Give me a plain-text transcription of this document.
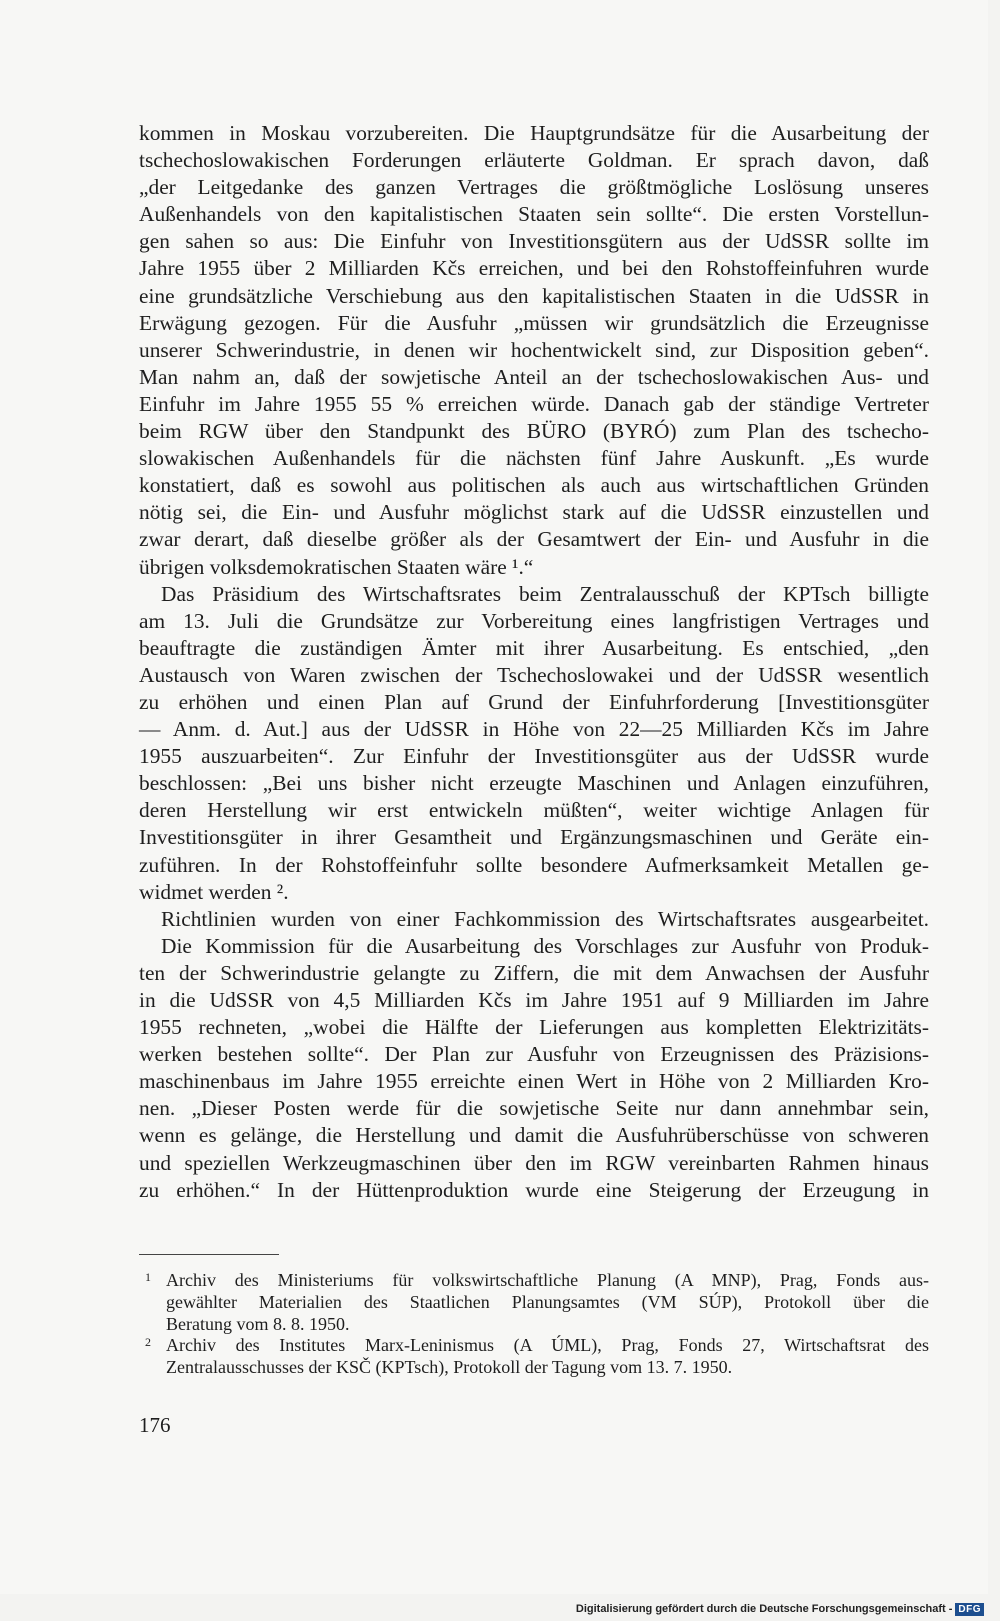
kommen in Moskau vorzubereiten. Die Hauptgrundsätze für die Ausarbeitung der
tschechoslowakischen Forderungen erläuterte Goldman. Er sprach davon, daß
„der Leitgedanke des ganzen Vertrages die größtmögliche Loslösung unseres
Außenhandels von den kapitalistischen Staaten sein sollte“. Die ersten Vorstellun-
gen sahen so aus: Die Einfuhr von Investitionsgütern aus der UdSSR sollte im
Jahre 1955 über 2 Milliarden Kčs erreichen, und bei den Rohstoffeinfuhren wurde
eine grundsätzliche Verschiebung aus den kapitalistischen Staaten in die UdSSR in
Erwägung gezogen. Für die Ausfuhr „müssen wir grundsätzlich die Erzeugnisse
unserer Schwerindustrie, in denen wir hochentwickelt sind, zur Disposition geben“.
Man nahm an, daß der sowjetische Anteil an der tschechoslowakischen Aus- und
Einfuhr im Jahre 1955 55 % erreichen würde. Danach gab der ständige Vertreter
beim RGW über den Standpunkt des BÜRO (BYRÓ) zum Plan des tschecho-
slowakischen Außenhandels für die nächsten fünf Jahre Auskunft. „Es wurde
konstatiert, daß es sowohl aus politischen als auch aus wirtschaftlichen Gründen
nötig sei, die Ein- und Ausfuhr möglichst stark auf die UdSSR einzustellen und
zwar derart, daß dieselbe größer als der Gesamtwert der Ein- und Ausfuhr in die
übrigen volksdemokratischen Staaten wäre ¹.“
Das Präsidium des Wirtschaftsrates beim Zentralausschuß der KPTsch billigte
am 13. Juli die Grundsätze zur Vorbereitung eines langfristigen Vertrages und
beauftragte die zuständigen Ämter mit ihrer Ausarbeitung. Es entschied, „den
Austausch von Waren zwischen der Tschechoslowakei und der UdSSR wesentlich
zu erhöhen und einen Plan auf Grund der Einfuhrforderung [Investitionsgüter
— Anm. d. Aut.] aus der UdSSR in Höhe von 22—25 Milliarden Kčs im Jahre
1955 auszuarbeiten“. Zur Einfuhr der Investitionsgüter aus der UdSSR wurde
beschlossen: „Bei uns bisher nicht erzeugte Maschinen und Anlagen einzuführen,
deren Herstellung wir erst entwickeln müßten“, weiter wichtige Anlagen für
Investitionsgüter in ihrer Gesamtheit und Ergänzungsmaschinen und Geräte ein-
zuführen. In der Rohstoffeinfuhr sollte besondere Aufmerksamkeit Metallen ge-
widmet werden ².
Richtlinien wurden von einer Fachkommission des Wirtschaftsrates ausgearbeitet.
Die Kommission für die Ausarbeitung des Vorschlages zur Ausfuhr von Produk-
ten der Schwerindustrie gelangte zu Ziffern, die mit dem Anwachsen der Ausfuhr
in die UdSSR von 4,5 Milliarden Kčs im Jahre 1951 auf 9 Milliarden im Jahre
1955 rechneten, „wobei die Hälfte der Lieferungen aus kompletten Elektrizitäts-
werken bestehen sollte“. Der Plan zur Ausfuhr von Erzeugnissen des Präzisions-
maschinenbaus im Jahre 1955 erreichte einen Wert in Höhe von 2 Milliarden Kro-
nen. „Dieser Posten werde für die sowjetische Seite nur dann annehmbar sein,
wenn es gelänge, die Herstellung und damit die Ausfuhrüberschüsse von schweren
und speziellen Werkzeugmaschinen über den im RGW vereinbarten Rahmen hinaus
zu erhöhen.“ In der Hüttenproduktion wurde eine Steigerung der Erzeugung in
1 Archiv des Ministeriums für volkswirtschaftliche Planung (A MNP), Prag, Fonds aus-
gewählter Materialien des Staatlichen Planungsamtes (VM SÚP), Protokoll über die
Beratung vom 8. 8. 1950.
2 Archiv des Institutes Marx-Leninismus (A ÚML), Prag, Fonds 27, Wirtschaftsrat des
Zentralausschusses der KSČ (KPTsch), Protokoll der Tagung vom 13. 7. 1950.
176
Digitalisierung gefördert durch die Deutsche Forschungsgemeinschaft - DFG
